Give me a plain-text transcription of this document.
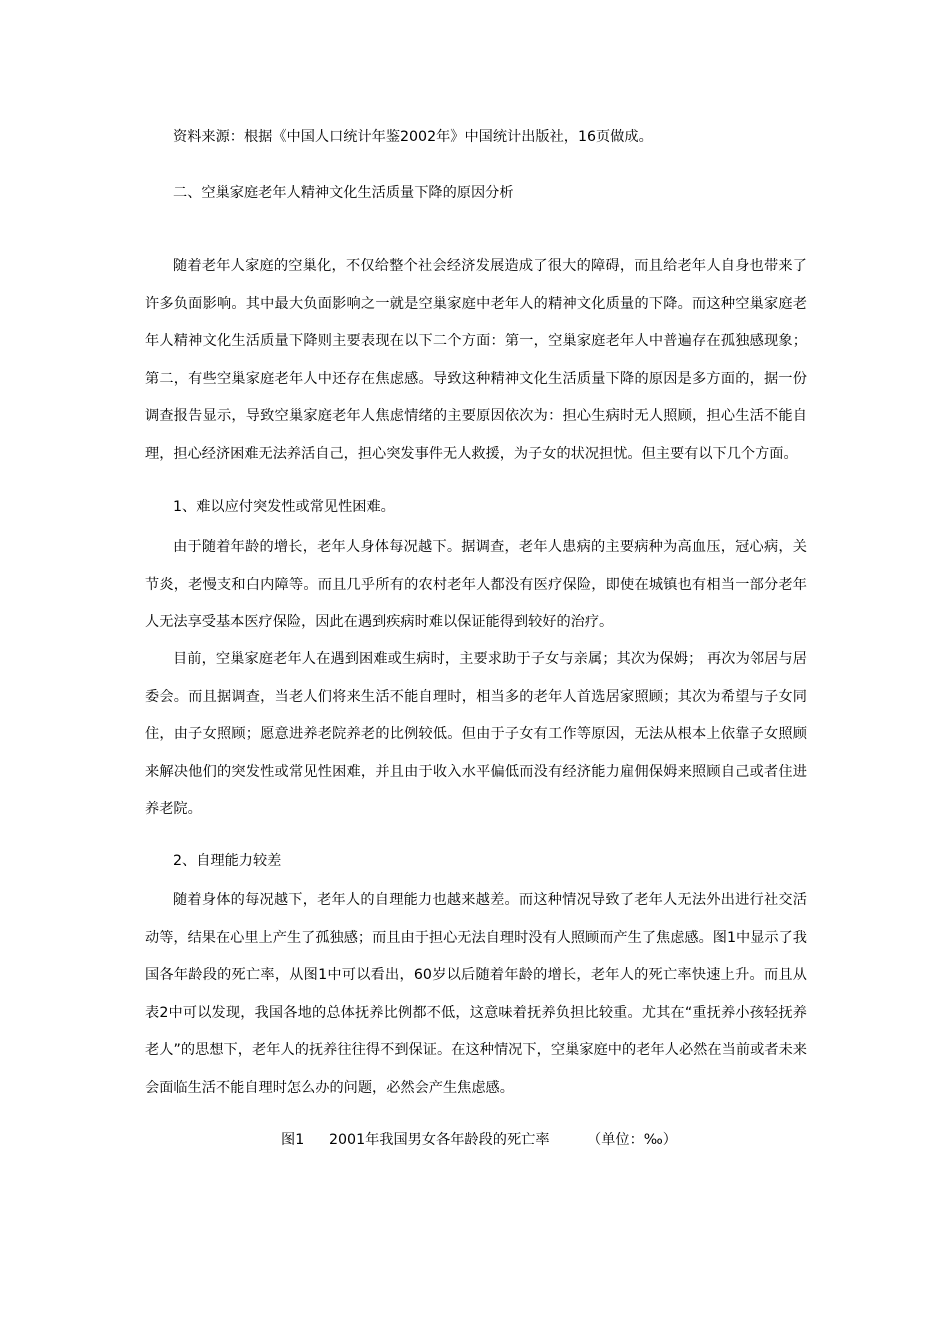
资料来源：根据《中国人口统计年鉴2002年》中国统计出版社，16页做成。

二、空巢家庭老年人精神文化生活质量下降的原因分析

随着老年人家庭的空巢化，不仅给整个社会经济发展造成了很大的障碍，而且给老年人自身也带来了许多负面影响。其中最大负面影响之一就是空巢家庭中老年人的精神文化质量的下降。而这种空巢家庭老年人精神文化生活质量下降则主要表现在以下二个方面：第一，空巢家庭老年人中普遍存在孤独感现象；第二，有些空巢家庭老年人中还存在焦虑感。导致这种精神文化生活质量下降的原因是多方面的，据一份调查报告显示，导致空巢家庭老年人焦虑情绪的主要原因依次为：担心生病时无人照顾，担心生活不能自理，担心经济困难无法养活自己，担心突发事件无人救援，为子女的状况担忧。但主要有以下几个方面。

1、难以应付突发性或常见性困难。

由于随着年龄的增长，老年人身体每况越下。据调查，老年人患病的主要病种为高血压，冠心病，关节炎，老慢支和白内障等。而且几乎所有的农村老年人都没有医疗保险，即使在城镇也有相当一部分老年人无法享受基本医疗保险，因此在遇到疾病时难以保证能得到较好的治疗。

目前，空巢家庭老年人在遇到困难或生病时，主要求助于子女与亲属；其次为保姆； 再次为邻居与居委会。而且据调查，当老人们将来生活不能自理时，相当多的老年人首选居家照顾；其次为希望与子女同住，由子女照顾；愿意进养老院养老的比例较低。但由于子女有工作等原因，无法从根本上依靠子女照顾来解决他们的突发性或常见性困难，并且由于收入水平偏低而没有经济能力雇佣保姆来照顾自己或者住进养老院。

2、自理能力较差

随着身体的每况越下，老年人的自理能力也越来越差。而这种情况导致了老年人无法外出进行社交活动等，结果在心里上产生了孤独感；而且由于担心无法自理时没有人照顾而产生了焦虑感。图1中显示了我国各年龄段的死亡率，从图1中可以看出，60岁以后随着年龄的增长，老年人的死亡率快速上升。而且从表2中可以发现，我国各地的总体抚养比例都不低，这意味着抚养负担比较重。尤其在“重抚养小孩轻抚养老人”的思想下，老年人的抚养往往得不到保证。在这种情况下，空巢家庭中的老年人必然在当前或者未来会面临生活不能自理时怎么办的问题，必然会产生焦虑感。

图1 2001年我国男女各年龄段的死亡率	（单位：‰）
